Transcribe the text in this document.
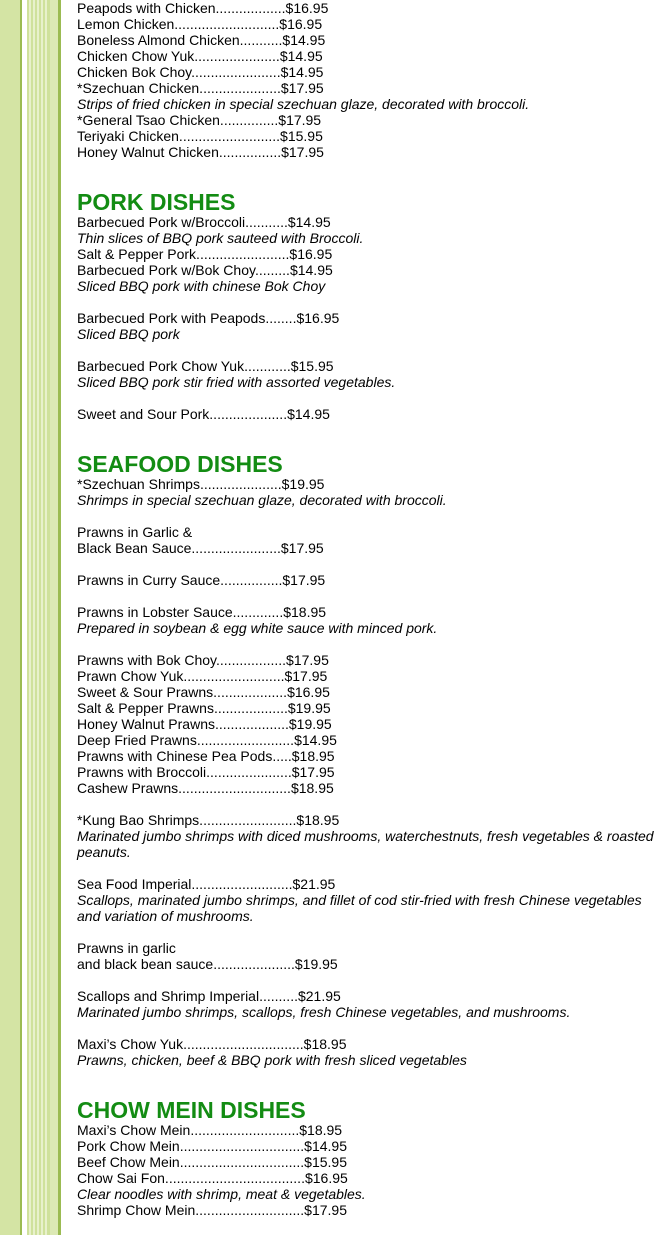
Peapods with Chicken..................$16.95
Lemon Chicken...........................$16.95
Boneless Almond Chicken...........$14.95
Chicken Chow Yuk......................$14.95
Chicken Bok Choy.......................$14.95
*Szechuan Chicken.....................$17.95
Strips of fried chicken in special szechuan glaze, decorated with broccoli.
*General Tsao Chicken...............$17.95
Teriyaki Chicken..........................$15.95
Honey Walnut Chicken................$17.95
PORK DISHES
Barbecued Pork w/Broccoli...........$14.95
Thin slices of BBQ pork sauteed with Broccoli.
Salt & Pepper Pork........................$16.95
Barbecued Pork w/Bok Choy.........$14.95
Sliced BBQ pork with chinese Bok Choy
Barbecued Pork with Peapods........$16.95
Sliced BBQ pork
Barbecued Pork Chow Yuk............$15.95
Sliced BBQ pork stir fried with assorted vegetables.
Sweet and Sour Pork....................$14.95
SEAFOOD DISHES
*Szechuan Shrimps.....................$19.95
Shrimps in special szechuan glaze, decorated with broccoli.
Prawns in Garlic &
Black Bean Sauce.......................$17.95
Prawns in Curry Sauce................$17.95
Prawns in Lobster Sauce.............$18.95
Prepared in soybean & egg white sauce with minced pork.
Prawns with Bok Choy..................$17.95
Prawn Chow Yuk..........................$17.95
Sweet & Sour Prawns...................$16.95
Salt & Pepper Prawns...................$19.95
Honey Walnut Prawns...................$19.95
Deep Fried Prawns.........................$14.95
Prawns with Chinese Pea Pods.....$18.95
Prawns with Broccoli......................$17.95
Cashew Prawns.............................$18.95
*Kung Bao Shrimps.........................$18.95
Marinated jumbo shrimps with diced mushrooms, waterchestnuts, fresh vegetables & roasted peanuts.
Sea Food Imperial..........................$21.95
Scallops, marinated jumbo shrimps, and fillet of cod stir-fried with fresh Chinese vegetables and variation of mushrooms.
Prawns in garlic
and black bean sauce.....................$19.95
Scallops and Shrimp Imperial..........$21.95
Marinated jumbo shrimps, scallops, fresh Chinese vegetables, and mushrooms.
Maxi’s Chow Yuk...............................$18.95
Prawns, chicken, beef & BBQ pork with fresh sliced vegetables
CHOW MEIN DISHES
Maxi’s Chow Mein............................$18.95
Pork Chow Mein................................$14.95
Beef Chow Mein................................$15.95
Chow Sai Fon....................................$16.95
Clear noodles with shrimp, meat & vegetables.
Shrimp Chow Mein............................$17.95
